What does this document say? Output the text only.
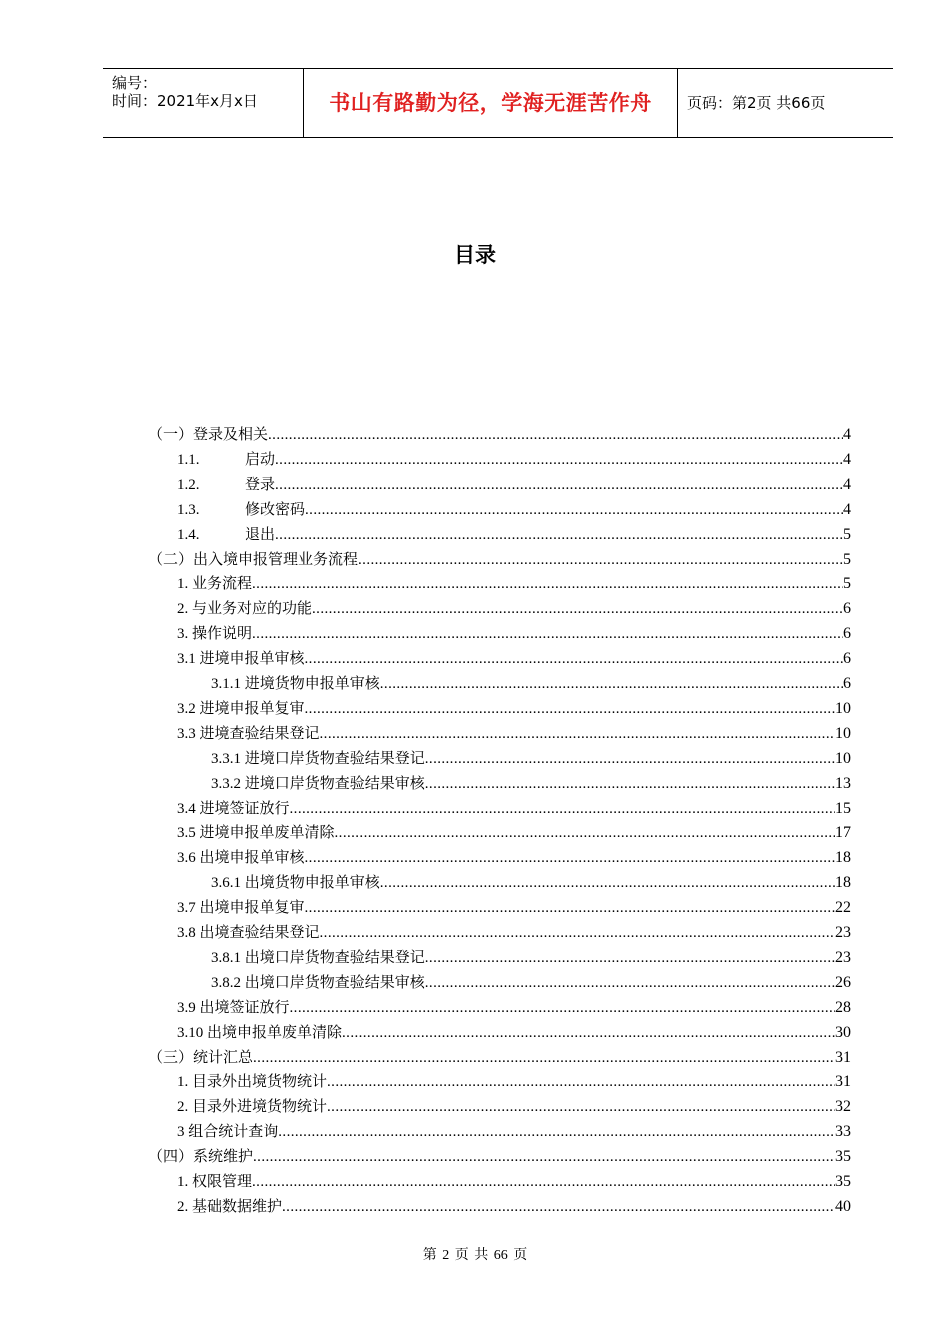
编号：
时间：2021年x月x日	书山有路勤为径，学海无涯苦作舟	页码：第2页 共66页
目录
（一）登录及相关 .....	4
1.1.	启动 .....	4
1.2.	登录 .....	4
1.3.	修改密码 .....	4
1.4.	退出 .....	5
（二）出入境申报管理业务流程 .....	5
1. 业务流程 .....	5
2. 与业务对应的功能 .....	6
3. 操作说明 .....	6
3.1 进境申报单审核 .....	6
3.1.1 进境货物申报单审核 .....	6
3.2 进境申报单复审 .....	10
3.3 进境查验结果登记 .....	10
3.3.1 进境口岸货物查验结果登记 .....	10
3.3.2 进境口岸货物查验结果审核 .....	13
3.4 进境签证放行 .....	15
3.5 进境申报单废单清除 .....	17
3.6 出境申报单审核 .....	18
3.6.1 出境货物申报单审核 .....	18
3.7 出境申报单复审 .....	22
3.8 出境查验结果登记 .....	23
3.8.1 出境口岸货物查验结果登记 .....	23
3.8.2 出境口岸货物查验结果审核 .....	26
3.9 出境签证放行 .....	28
3.10 出境申报单废单清除 .....	30
（三）统计汇总 .....	31
1. 目录外出境货物统计 .....	31
2. 目录外进境货物统计 .....	32
3 组合统计查询 .....	33
（四）系统维护 .....	35
1. 权限管理 .....	35
2. 基础数据维护 .....	40
第 2 页 共 66 页
